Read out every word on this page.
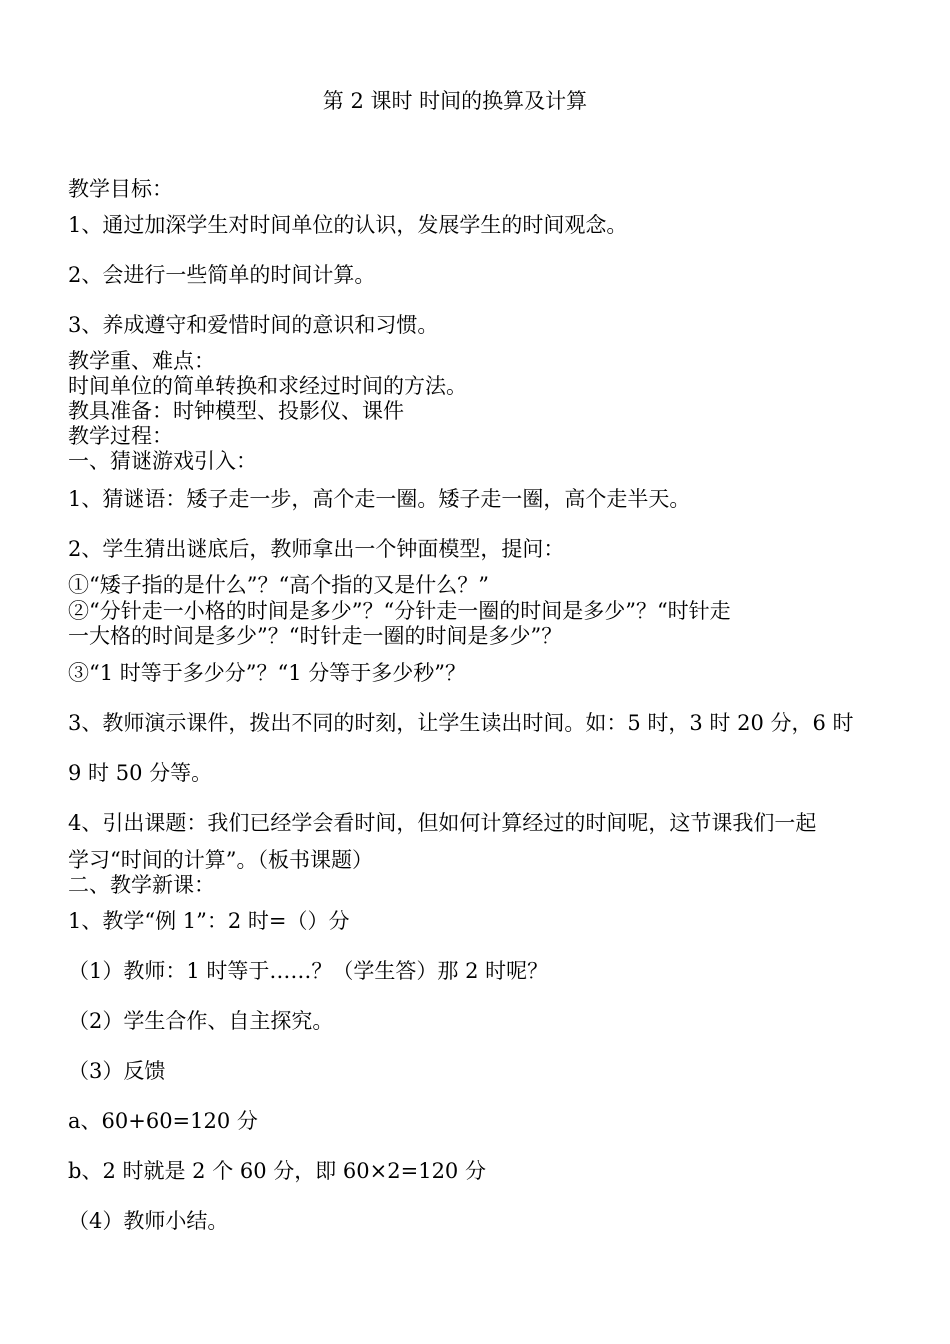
第 2 课时 时间的换算及计算
教学目标：
1、通过加深学生对时间单位的认识，发展学生的时间观念。
2、会进行一些简单的时间计算。
3、养成遵守和爱惜时间的意识和习惯。
教学重、难点：
时间单位的简单转换和求经过时间的方法。
教具准备：时钟模型、投影仪、课件
教学过程：
一、猜谜游戏引入：
1、猜谜语：矮子走一步，高个走一圈。矮子走一圈，高个走半天。
2、学生猜出谜底后，教师拿出一个钟面模型，提问：
①“矮子指的是什么”？“高个指的又是什么？”
②“分针走一小格的时间是多少”？“分针走一圈的时间是多少”？“时针走
一大格的时间是多少”？“时针走一圈的时间是多少”？
③“1 时等于多少分”？“1 分等于多少秒”？
3、教师演示课件，拨出不同的时刻，让学生读出时间。如：5 时，3 时 20 分，6 时
9 时 50 分等。
4、引出课题：我们已经学会看时间，但如何计算经过的时间呢，这节课我们一起
学习“时间的计算”。（板书课题）
二、教学新课：
1、教学“例 1”：2 时=（）分
（1）教师：1 时等于……？（学生答）那 2 时呢？
（2）学生合作、自主探究。
（3）反馈
a、60+60=120 分
b、2 时就是 2 个 60 分，即 60×2=120 分
（4）教师小结。
